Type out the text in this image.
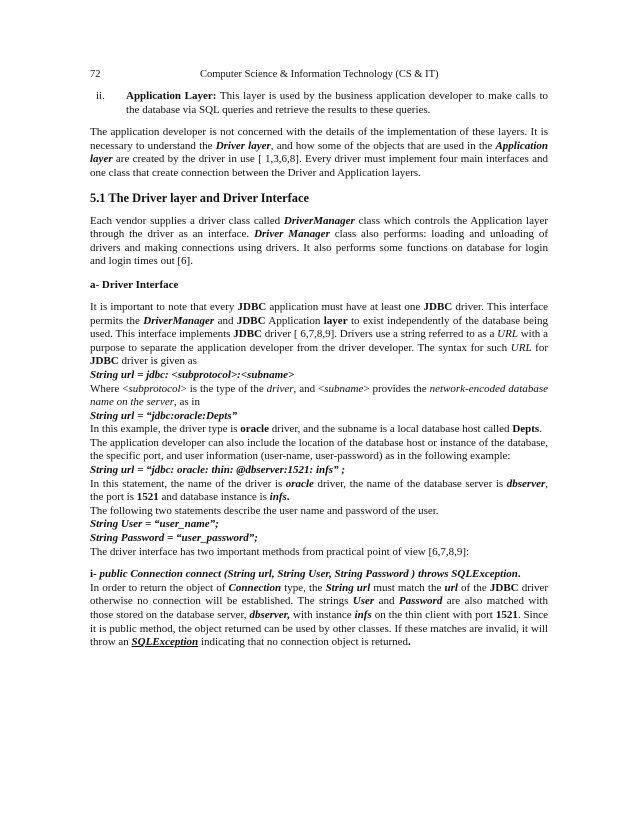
72	Computer Science & Information Technology (CS & IT)
ii.	Application Layer: This layer is used by the business application developer to make calls to the database via SQL queries and retrieve the results to these queries.

The application developer is not concerned with the details of the implementation of these layers. It is necessary to understand the Driver layer, and how some of the objects that are used in the Application layer are created by the driver in use [ 1,3,6,8]. Every driver must implement four main interfaces and one class that create connection between the Driver and Application layers.

5.1 The Driver layer and Driver Interface

Each vendor supplies a driver class called DriverManager class which controls the Application layer through the driver as an interface. Driver Manager class also performs: loading and unloading of drivers and making connections using drivers. It also performs some functions on database for login and login times out [6].

a- Driver Interface

It is important to note that every JDBC application must have at least one JDBC driver. This interface permits the DriverManager and JDBC Application layer to exist independently of the database being used. This interface implements JDBC driver [ 6,7,8,9]. Drivers use a string referred to as a URL with a purpose to separate the application developer from the driver developer. The syntax for such URL for JDBC driver is given as

String url = jdbc: <subprotocol>:<subname>

Where <subprotocol> is the type of the driver, and <subname> provides the network-encoded database name on the server, as in

String url = “jdbc:oracle:Depts”

In this example, the driver type is oracle driver, and the subname is a local database host called Depts.

The application developer can also include the location of the database host or instance of the database, the specific port, and user information (user-name, user-password) as in the following example:

String url = “jdbc: oracle: thin: @dbserver:1521: infs” ;

In this statement, the name of the driver is oracle driver, the name of the database server is dbserver, the port is 1521 and database instance is infs.

The following two statements describe the user name and password of the user.

String User = “user_name”;

String Password = “user_password”;

The driver interface has two important methods from practical point of view [6,7,8,9]:

i- public Connection connect (String url, String User, String Password ) throws SQLException.

In order to return the object of Connection type, the String url must match the url of the JDBC driver otherwise no connection will be established. The strings User and Password are also matched with those stored on the database server, dbserver, with instance infs on the thin client with port 1521. Since it is public method, the object returned can be used by other classes. If these matches are invalid, it will throw an SQLException indicating that no connection object is returned.
